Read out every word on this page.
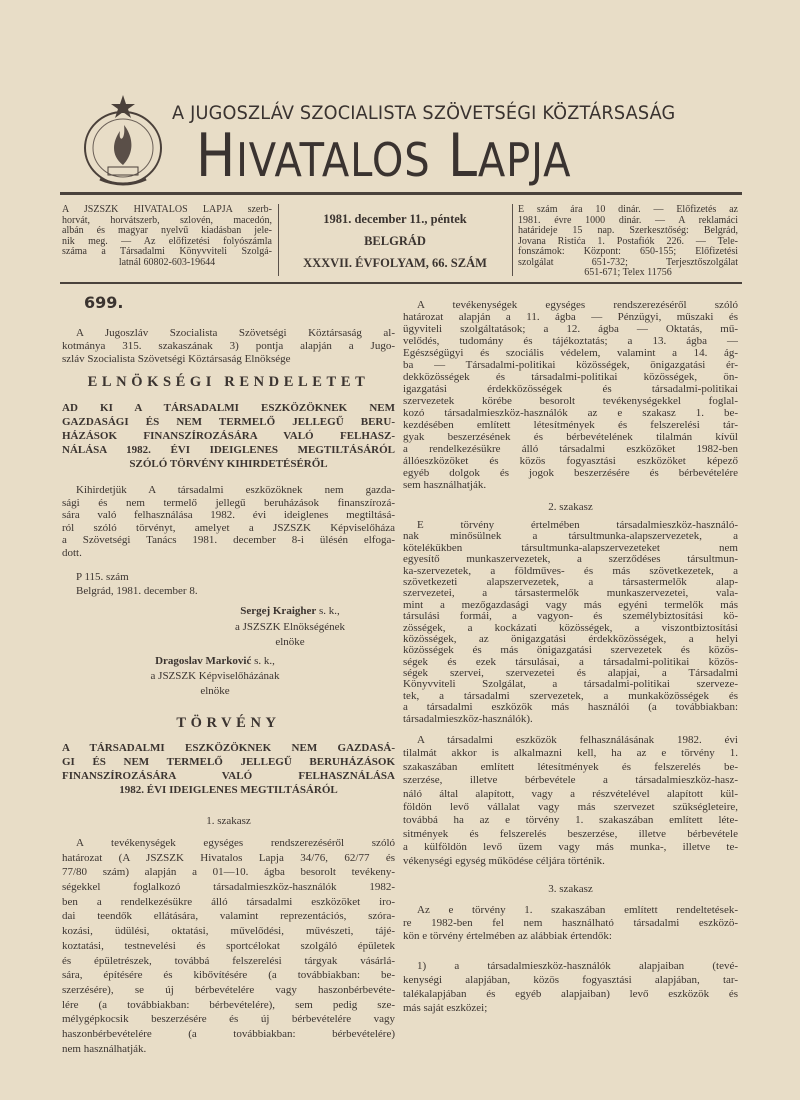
A JUGOSZLÁV SZOCIALISTA SZÖVETSÉGI KÖZTÁRSASÁG
HIVATALOS LAPJA
A JSZSZK HIVATALOS LAPJA szerb-
horvát, horvátszerb, szlovén, macedón,
albán és magyar nyelvű kiadásban jele-
nik meg. — Az előfizetési folyószámla
száma a Társadalmi Könyvviteli Szolgá-
latnál 60802-603-19644
1981. december 11., péntek
BELGRÁD
XXXVII. ÉVFOLYAM, 66. SZÁM
E szám ára 10 dinár. — Előfizetés az
1981. évre 1000 dinár. — A reklamáci
határideje 15 nap. Szerkesztőség: Belgrád,
Jovana Ristića 1. Postafiók 226. — Tele-
fonszámok: Központ: 650-155; Előfizetési
szolgálat 651-732; Terjesztőszolgálat
651-671; Telex 11756
699.
A Jugoszláv Szocialista Szövetségi Köztársaság al-
kotmánya 315. szakaszának 3) pontja alapján a Jugo-
szláv Szocialista Szövetségi Köztársaság Elnöksége
ELNÖKSÉGI RENDELETET
AD KI A TÁRSADALMI ESZKÖZÖKNEK NEM
GAZDASÁGI ÉS NEM TERMELŐ JELLEGŰ BERU-
HÁZÁSOK FINANSZÍROZÁSÁRA VALÓ FELHASZ-
NÁLÁSA 1982. ÉVI IDEIGLENES MEGTILTÁSÁRÓL
SZÓLÓ TÖRVÉNY KIHIRDETÉSÉRŐL
Kihirdetjük A társadalmi eszközöknek nem gazda-
sági és nem termelő jellegű beruházások finanszírozá-
sára való felhasználása 1982. évi ideiglenes megtiltásá-
ról szóló törvényt, amelyet a JSZSZK Képviselőháza
a Szövetségi Tanács 1981. december 8-i ülésén elfoga-
dott.
P 115. szám
Belgrád, 1981. december 8.
Sergej Kraigher s. k.,
a JSZSZK Elnökségének
elnöke
Dragoslav Marković s. k.,
a JSZSZK Képviselőházának
elnöke
TÖRVÉNY
A TÁRSADALMI ESZKÖZÖKNEK NEM GAZDASÁ-
GI ÉS NEM TERMELŐ JELLEGŰ BERUHÁZÁSOK
FINANSZÍROZÁSÁRA VALÓ FELHASZNÁLÁSA
1982. ÉVI IDEIGLENES MEGTILTÁSÁRÓL
1. szakasz
A tevékenységek egységes rendszerezéséről szóló
határozat (A JSZSZK Hivatalos Lapja 34/76, 62/77 és
77/80 szám) alapján a 01—10. ágba besorolt tevékeny-
ségekkel foglalkozó társadalmieszköz-használók 1982-
ben a rendelkezésükre álló társadalmi eszközöket iro-
dai teendők ellátására, valamint reprezentációs, szóra-
kozási, üdülési, oktatási, művelődési, művészeti, tájé-
koztatási, testnevelési és sportcélokat szolgáló épületek
és épületrészek, továbbá felszerelési tárgyak vásárlá-
sára, építésére és kibővítésére (a továbbiakban: be-
szerzésére), se új bérbevételére vagy haszonbérbevéte-
lére (a továbbiakban: bérbevételére), sem pedig sze-
mélygépkocsik beszerzésére és új bérbevételére vagy
haszonbérbevételére (a továbbiakban: bérbevételére)
nem használhatják.
A tevékenységek egységes rendszerezéséről szóló
határozat alapján a 11. ágba — Pénzügyi, műszaki és
ügyviteli szolgáltatások; a 12. ágba — Oktatás, mű-
velődés, tudomány és tájékoztatás; a 13. ágba —
Egészségügyi és szociális védelem, valamint a 14. ág-
ba — Társadalmi-politikai közösségek, önigazgatási ér-
dekközösségek és társadalmi-politikai közösségek, ön-
igazgatási érdekközösségek és társadalmi-politikai
szervezetek körébe besorolt tevékenységekkel foglal-
kozó társadalmieszköz-használók az e szakasz 1. be-
kezdésében említett létesítmények és felszerelési tár-
gyak beszerzésének és bérbevételének tilalmán kívül
a rendelkezésükre álló társadalmi eszközöket 1982-ben
állóeszközöket és közös fogyasztási eszközöket képező
egyéb dolgok és jogok beszerzésére és bérbevételére
sem használhatják.
2. szakasz
E törvény értelmében társadalmieszköz-használó-
nak minősülnek a társultmunka-alapszervezetek, a
kötelékükben társultmunka-alapszervezeteket nem
egyesítő munkaszervezetek, a szerződéses társultmun-
ka-szervezetek, a földműves- és más szövetkezetek, a
szövetkezeti alapszervezetek, a társastermelők alap-
szervezetei, a társastermelők munkaszervezetei, vala-
mint a mezőgazdasági vagy más egyéni termelők más
társulási formái, a vagyon- és személybiztosítási kö-
zösségek, a kockázati közösségek, a viszontbiztosítási
közösségek, az önigazgatási érdekközösségek, a helyi
közösségek és más önigazgatási szervezetek és közös-
ségek és ezek társulásai, a társadalmi-politikai közös-
ségek szervei, szervezetei és alapjai, a Társadalmi
Könyvviteli Szolgálat, a társadalmi-politikai szerveze-
tek, a társadalmi szervezetek, a munkaközösségek és
a társadalmi eszközök más használói (a továbbiakban:
társadalmieszköz-használók).
A társadalmi eszközök felhasználásának 1982. évi
tilalmát akkor is alkalmazni kell, ha az e törvény 1.
szakaszában említett létesítmények és felszerelés be-
szerzése, illetve bérbevétele a társadalmieszköz-hasz-
náló által alapított, vagy a részvételével alapított kül-
földön levő vállalat vagy más szervezet szükségleteire,
továbbá ha az e törvény 1. szakaszában említett léte-
sitmények és felszerelés beszerzése, illetve bérbevétele
a külföldön levő üzem vagy más munka-, illetve te-
vékenységi egység működése céljára történik.
3. szakasz
Az e törvény 1. szakaszában említett rendeltetések-
re 1982-ben fel nem használható társadalmi eszközö-
kön e törvény értelmében az alábbiak értendők:
1) a társadalmieszköz-használók alapjaiban (tevé-
kenységi alapjában, közös fogyasztási alapjában, tar-
talékalapjában és egyéb alapjaiban) levő eszközök és
más saját eszközei;
